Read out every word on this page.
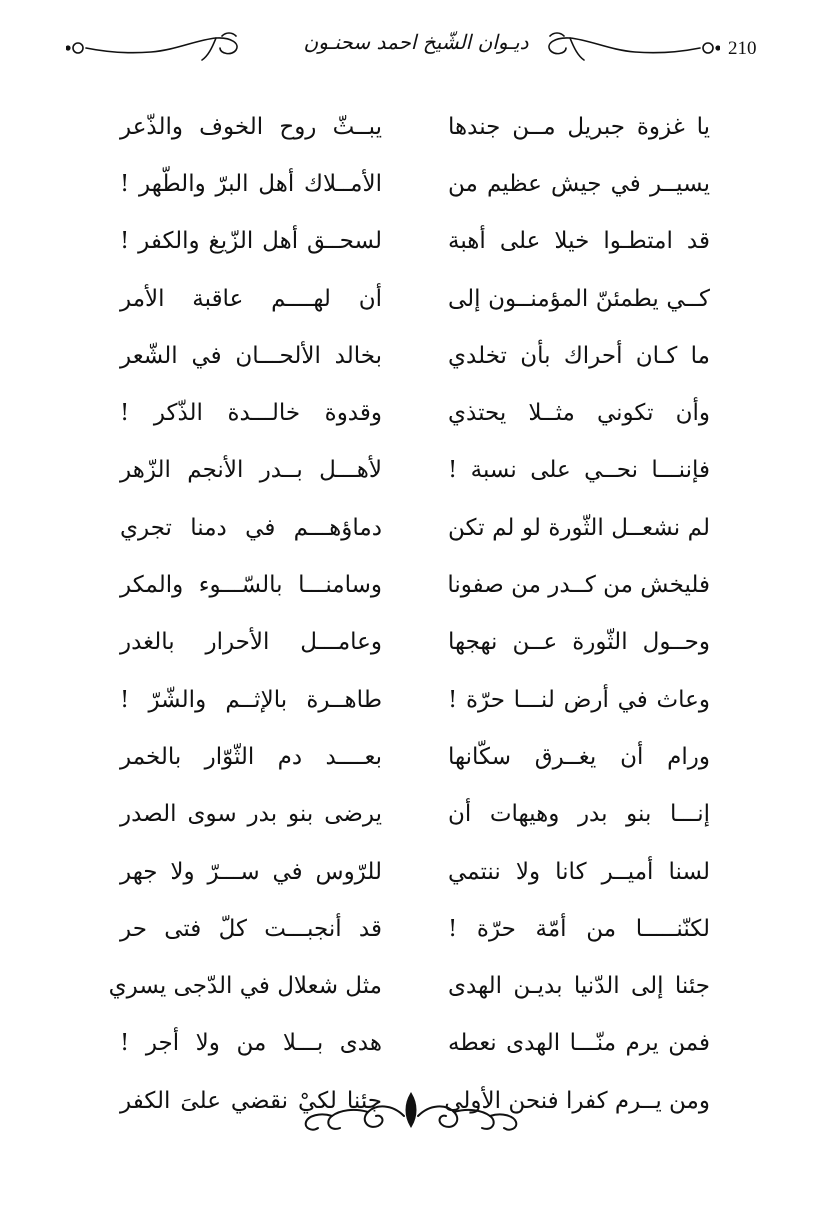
210
ديـوان الشّيخ احمد سحنـون
يا غزوة جبريل مــن جندها
يبــثّ روح الخوف والذّعر
يسيــر في جيش عظيم من
الأمــلاك أهل البرّ والطّهر !
قد امتطـوا خيلا على أهبة
لسحــق أهل الزّيغ والكفر !
كــي يطمئنّ المؤمنــون إلى
أن لهــــم عاقبة الأمر
ما كـان أحراك بأن تخلدي
بخالد الألحـــان في الشّعر
وأن تكوني مثــلا يحتذي
وقدوة خالـــدة الذّكر !
فإننـــا نحــي على نسبة !
لأهـــل بــدر الأنجم الزّهر
لم نشعــل الثّورة لو لم تكن
دماؤهـــم في دمنا تجري
فليخش من كــدر من صفونا
وسامنـــا بالسّـــوء والمكر
وحــول الثّورة عــن نهجها
وعامـــل الأحرار بالغدر
وعاث في أرض لنـــا حرّة !
طاهــرة بالإثــم والشّرّ !
ورام أن يغــرق سكّانها
بعــــد دم الثّوّار بالخمر
إنـــا بنو بدر وهيهات أن
يرضى بنو بدر سوى الصدر
لسنا أميــر كانا ولا ننتمي
للرّوس في ســـرّ ولا جهر
لكنّنـــــا من أمّة حرّة !
قد أنجبـــت كلّ فتى حر
جئنا إلى الدّنيا بديـن الهدى
مثل شعلال في الدّجى يسري
فمن يرم منّـــا الهدى نعطه
هدى بـــلا من ولا أجر !
ومن يــرم كفرا فنحن الأولى
جئنا لكيْ نقضي علىَ الكفر
